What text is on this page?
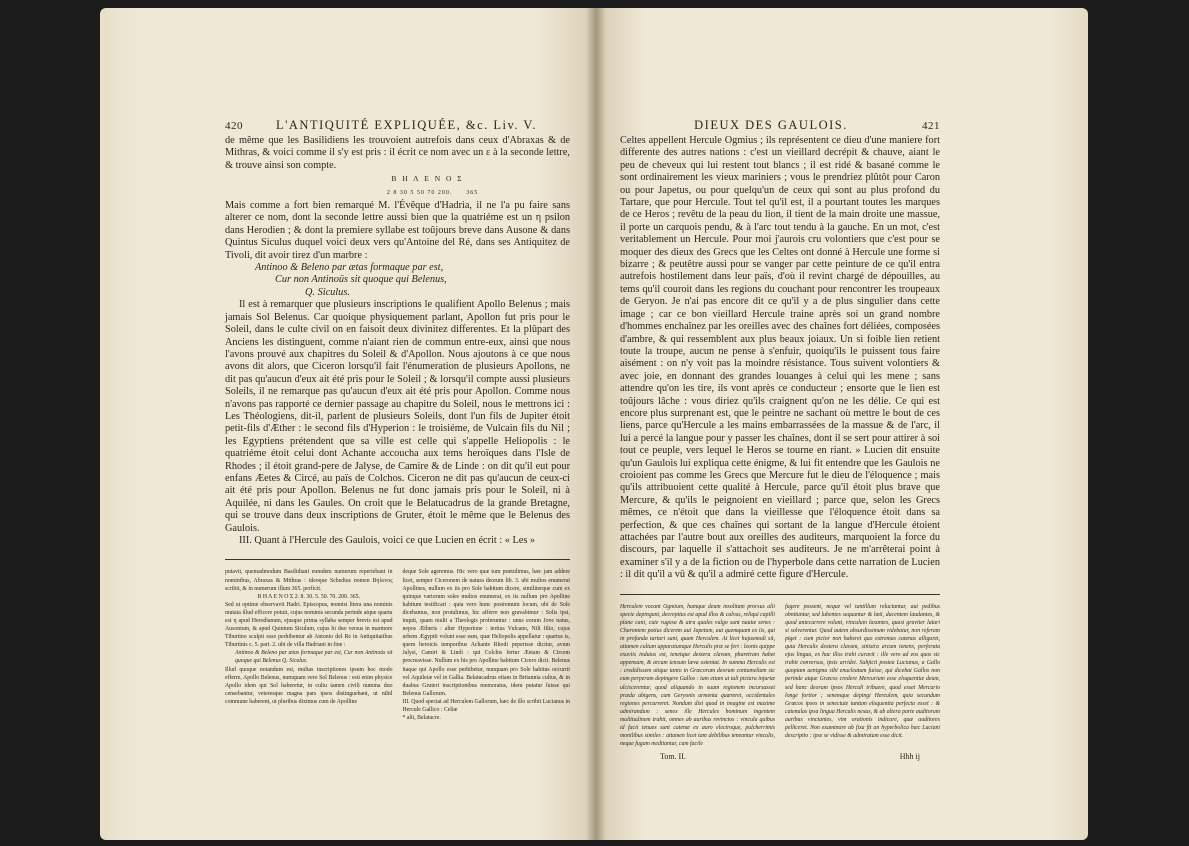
420	L'ANTIQUITÉ EXPLIQUÉE, &c. Liv. V.

de même que les Basilidiens les trouvoient autrefois dans ceux d'Abraxas & de Mithras, & voici comme il s'y est pris : il écrit ce nom avec un ε à la seconde lettre, & trouve ainsi son compte.

Β Η Λ Ε Ν Ο Σ
2 8 30 5 50 70 200. 365

Mais comme a fort bien remarqué M. l'Évêque d'Hadria, il ne l'a pu faire sans alterer ce nom, dont la seconde lettre aussi bien que la quatriéme est un η psilon dans Herodien ; & dont la premiere syllabe est toûjours breve dans Ausone & dans Quintus Siculus duquel voici deux vers qu'Antoine del Ré, dans ses Antiquitez de Tivoli, dit avoir tirez d'un marbre :

Antinoo & Beleno par ætas formaque par est,
Cur non Antinoüs sit quoque qui Belenus,
Q. Siculus.

Il est à remarquer que plusieurs inscriptions le qualifient Apollo Belenus ; mais jamais Sol Belenus. Car quoique physiquement parlant, Apollon fut pris pour le Soleil, dans le culte civil on en faisoit deux divinitez differentes. Et la plûpart des Anciens les distinguent, comme n'aiant rien de commun entre-eux, ainsi que nous l'avons prouvé aux chapitres du Soleil & d'Apollon. Nous ajoutons à ce que nous avons dit alors, que Ciceron lorsqu'il fait l'énumeration de plusieurs Apollons, ne dit pas qu'aucun d'eux ait été pris pour le Soleil ; & lorsqu'il compte aussi plusieurs Soleils, il ne remarque pas qu'aucun d'eux ait été pris pour Apollon. Comme nous n'avons pas rapporté ce dernier passage au chapitre du Soleil, nous le mettrons ici : Les Théologiens, dit-il, parlent de plusieurs Soleils, dont l'un fils de Jupiter étoit petit-fils d'Æther : le second fils d'Hyperion : le troisiéme, de Vulcain fils du Nil ; les Egyptiens prétendent que sa ville est celle qui s'appelle Heliopolis : le quatriéme étoit celui dont Achante accoucha aux tems heroïques dans l'Isle de Rhodes ; il étoit grand-pere de Jalyse, de Camire & de Linde : on dit qu'il eut pour enfans Æetes & Circé, au païs de Colchos. Ciceron ne dit pas qu'aucun de ceux-ci ait été pris pour Apollon. Belenus ne fut donc jamais pris pour le Soleil, ni à Aquilée, ni dans les Gaules. On croit que le Belatucadrus de la grande Bretagne, qui se trouve dans deux inscriptions de Gruter, étoit le même que le Belenus des Gaulois.

III. Quant à l'Hercule des Gaulois, voici ce que Lucien en écrit : « Les »

putavit, quemadmodum Basilidiani eumdem numerum reperiebant in nominibus, Abraxas & Mithras : ideoque Schedius nomen Βηλενος scribit, & in numerum illum 365. perficit.

Β Η Λ Ε Ν Ο Σ 2. 8. 30. 5. 50. 70. 200. 365.

Sed ut optime observavit Hadri. Episcopus, nonnisi litera una nominis mutata illud efficere potuit, cujus nominis secunda perinde atque quarta est η apud Herodianum, ejusque prima syllaba semper brevis est apud Ausonium, & apud Quintum Siculum, cujus hi duo versus in marmore Tiburtino sculpti esse perhibentur ab Antonio del Re in Antiquitatibus Tiburtinis c. 5. part. 2. ubi de villa Hadriani in fine :

Antinoo & Beleno par ætas formaque par est, Cur non Antinoüs sit quoque qui Belenus Q. Siculus.

Illud quoque notandum est, multas inscriptiones ipsum hoc modo efferre, Apollo Belenus, numquam vero Sol Belenus : esti enim physice Apollo idem qui Sol haberetur, in cultu tamen civili numina duo censebantur, veteresque magna pars ipsos distinguebant, ut nihil commune haberent, ut pluribus diximus cum de Apolline

deque Sole ageremus. Hic vero quæ tum prætulimus, hæc jam addere licet, semper Ciceronem de natura deorum lib. 3. ubi multos enumerat Apollines, nullum ex iis pro Sole habitum dicere, similiterque cum ex quinque variorum soles multos enumerat, ex iis nullum pro Apolline habitum testificari : quia vero hunc postremum locum, ubi de Sole dicebamus, non protulimus, hic afferre non gravabimur : Solis ipsi, inquit, quam multi a Theologis proferuntur : unus eorum Jove natus, nepos Ætheris : alter Hyperione : tertius Vulcano, Nili filio, cujus urbem Ægyptii volunt esse eam, quæ Heliopolis appellatur : quartus is, quem heroicis temporibus Achante Rhodi peperisse dicitur, avum Jalysi, Camiri & Lindi : qui Colchis fertur Æetam & Circem procreavisse. Nullum ex his pro Apolline habitum Cicero dicit. Belenus itaque qui Apollo esse perhibetur, nunquam pro Sole habitus occurrit vel Aquileiæ vel in Gallia. Belatucadrus etiam in Britannia cultus, & in duabus Gruteri inscriptionibus memoratus, idem putatur fuisse qui Belenus Gallorum.

III. Quod spectat ad Herculem Gallorum, hæc de illo scribit Lucianus in Hercule Gallico : Celtæ

* alii, Belatucre.

DIEUX DES GAULOIS.	421

Celtes appellent Hercule Ogmius ; ils représentent ce dieu d'une maniere fort differente des autres nations : c'est un vieillard decrépit & chauve, aiant le peu de cheveux qui lui restent tout blancs ; il est ridé & basané comme le sont ordinairement les vieux mariniers ; vous le prendriez plûtôt pour Caron ou pour Japetus, ou pour quelqu'un de ceux qui sont au plus profond du Tartare, que pour Hercule. Tout tel qu'il est, il a pourtant toutes les marques de ce Heros ; revêtu de la peau du lion, il tient de la main droite une massue, il porte un carquois pendu, & à l'arc tout tendu à la gauche. En un mot, c'est veritablement un Hercule. Pour moi j'aurois cru volontiers que c'est pour se moquer des dieux des Grecs que les Celtes ont donné à Hercule une forme si bizarre ; & peutêtre aussi pour se vanger par cette peinture de ce qu'il entra autrefois hostilement dans leur païs, d'où il revint chargé de dépouilles, au tems qu'il couroit dans les regions du couchant pour rencontrer les troupeaux de Geryon. Je n'ai pas encore dit ce qu'il y a de plus singulier dans cette image ; car ce bon vieillard Hercule traine après soi un grand nombre d'hommes enchaînez par les oreilles avec des chaînes fort déliées, composées d'ambre, & qui ressemblent aux plus beaux joiaux. Un si foible lien retient toute la troupe, aucun ne pense à s'enfuir, quoiqu'ils le puissent tous faire aisément : on n'y voit pas la moindre résistance. Tous suivent volontiers & avec joie, en donnant des grandes louanges à celui qui les mene ; sans attendre qu'on les tire, ils vont après ce conducteur ; ensorte que le lien est toûjours lâche : vous diriez qu'ils craignent qu'on ne les délie. Ce qui est encore plus surprenant est, que le peintre ne sachant où mettre le bout de ces liens, parce qu'Hercule a les mains embarrassées de la massue & de l'arc, il lui a percé la langue pour y passer les chaînes, dont il se sert pour attirer à soi tout ce peuple, vers lequel le Heros se tourne en riant. » Lucien dit ensuite qu'un Gaulois lui expliqua cette énigme, & lui fit entendre que les Gaulois ne croioient pas comme les Grecs que Mercure fut le dieu de l'éloquence ; mais qu'ils attribuoient cette qualité à Hercule, parce qu'il étoit plus brave que Mercure, & qu'ils le peignoient en vieillard ; parce que, selon les Grecs mêmes, ce n'étoit que dans la vieillesse que l'éloquence étoit dans sa perfection, & que ces chaînes qui sortant de la langue d'Hercule étoient attachées par l'autre bout aux oreilles des auditeurs, marquoient la force du discours, par laquelle il s'attachoit ses auditeurs. Je ne m'arrêterai point à examiner s'il y a de la fiction ou de l'hyperbole dans cette narration de Lucien : il dit qu'il a vû & qu'il a admiré cette figure d'Hercule.

Herculem vocant Ogmium, humque deum insolitam prorsus alii specie depingunt, decrepitus est apud illos & calvus, reliqui capilli plane cani, cute rugosa & atra quales vulgo sunt nautæ senes : Charontem potius dicerem aut Japetum, aut quemquam ex iis, qui in profunda tartari sunt, quam Herculem. At licet hujusmodi sit, attamen cultum apparatumque Herculis præ se fert : leonis quippe exuviis indutus est, tenetque dextera clavam, pharetram habet appensam, & arcum tensum læva ostentat. In summa Herculis est : credidissem utique tanto in Græcorum deorum contumeliam sic eum perperam depingere Gallos : tum etiam ut tali pictura injuriæ ulciscerentur, quod aliquando in suam regionem incursasset præda abigens, cum Geryonis armenta quæreret, occidentales regiones percurreret. Nondum dixi quod in imagine est maxime admirandum : senex ille Hercules hominum ingentem multitudinem trahit, omnes ab auribus revinctos : vincula quibus id facit tenues sunt catenæ ex auro electroque, pulcherrimis monilibus similes : attamen licet tam debilibus teneantur vinculis, neque fugam meditantur, cum facile

fugere possent, neque vel tantillum reluctantur, aut pedibus obnituntur, sed lubentes sequuntur & læti, ducentem laudantes, & quod antecurrere volunt, vinculum laxantes, quasi graviter laturi si solverentur. Quod autem absurdissimum videbatur, non referam piget : cum pictor non haberet quo extremas catenas alligaret, quia Herculis dextera clavam, sinistra arcum tenens, perforata ejus lingua, ex hac illos trahi curavit : ille vero ad eos quos sic trahit conversus, ipsis arridet. Subjicit postea Lucianus, a Gallo quopiam aenigma sibi enucleatum fuisse, qui dicebat Gallos non perinde atque Græcos credere Mercurium esse eloquentiæ deum, sed hanc deorum ipsos Herculi tribuere, quod esset Mercurio longe fortior ; senemque depingi Herculem, quia secundum Græcos ipsos in senectute tantum eloquentia perfecta esset : & catenulas ipsa lingua Herculis nexas, & ab altera parte auditorum auribus vinciantes, vim orationis indicare, quæ auditores pelliceret. Non examinare ab fixa fit an hyperbolica hæc Luciani descriptio : ipse se vidisse & admiratum esse dicit.

Tom. II.	Hhh ij
